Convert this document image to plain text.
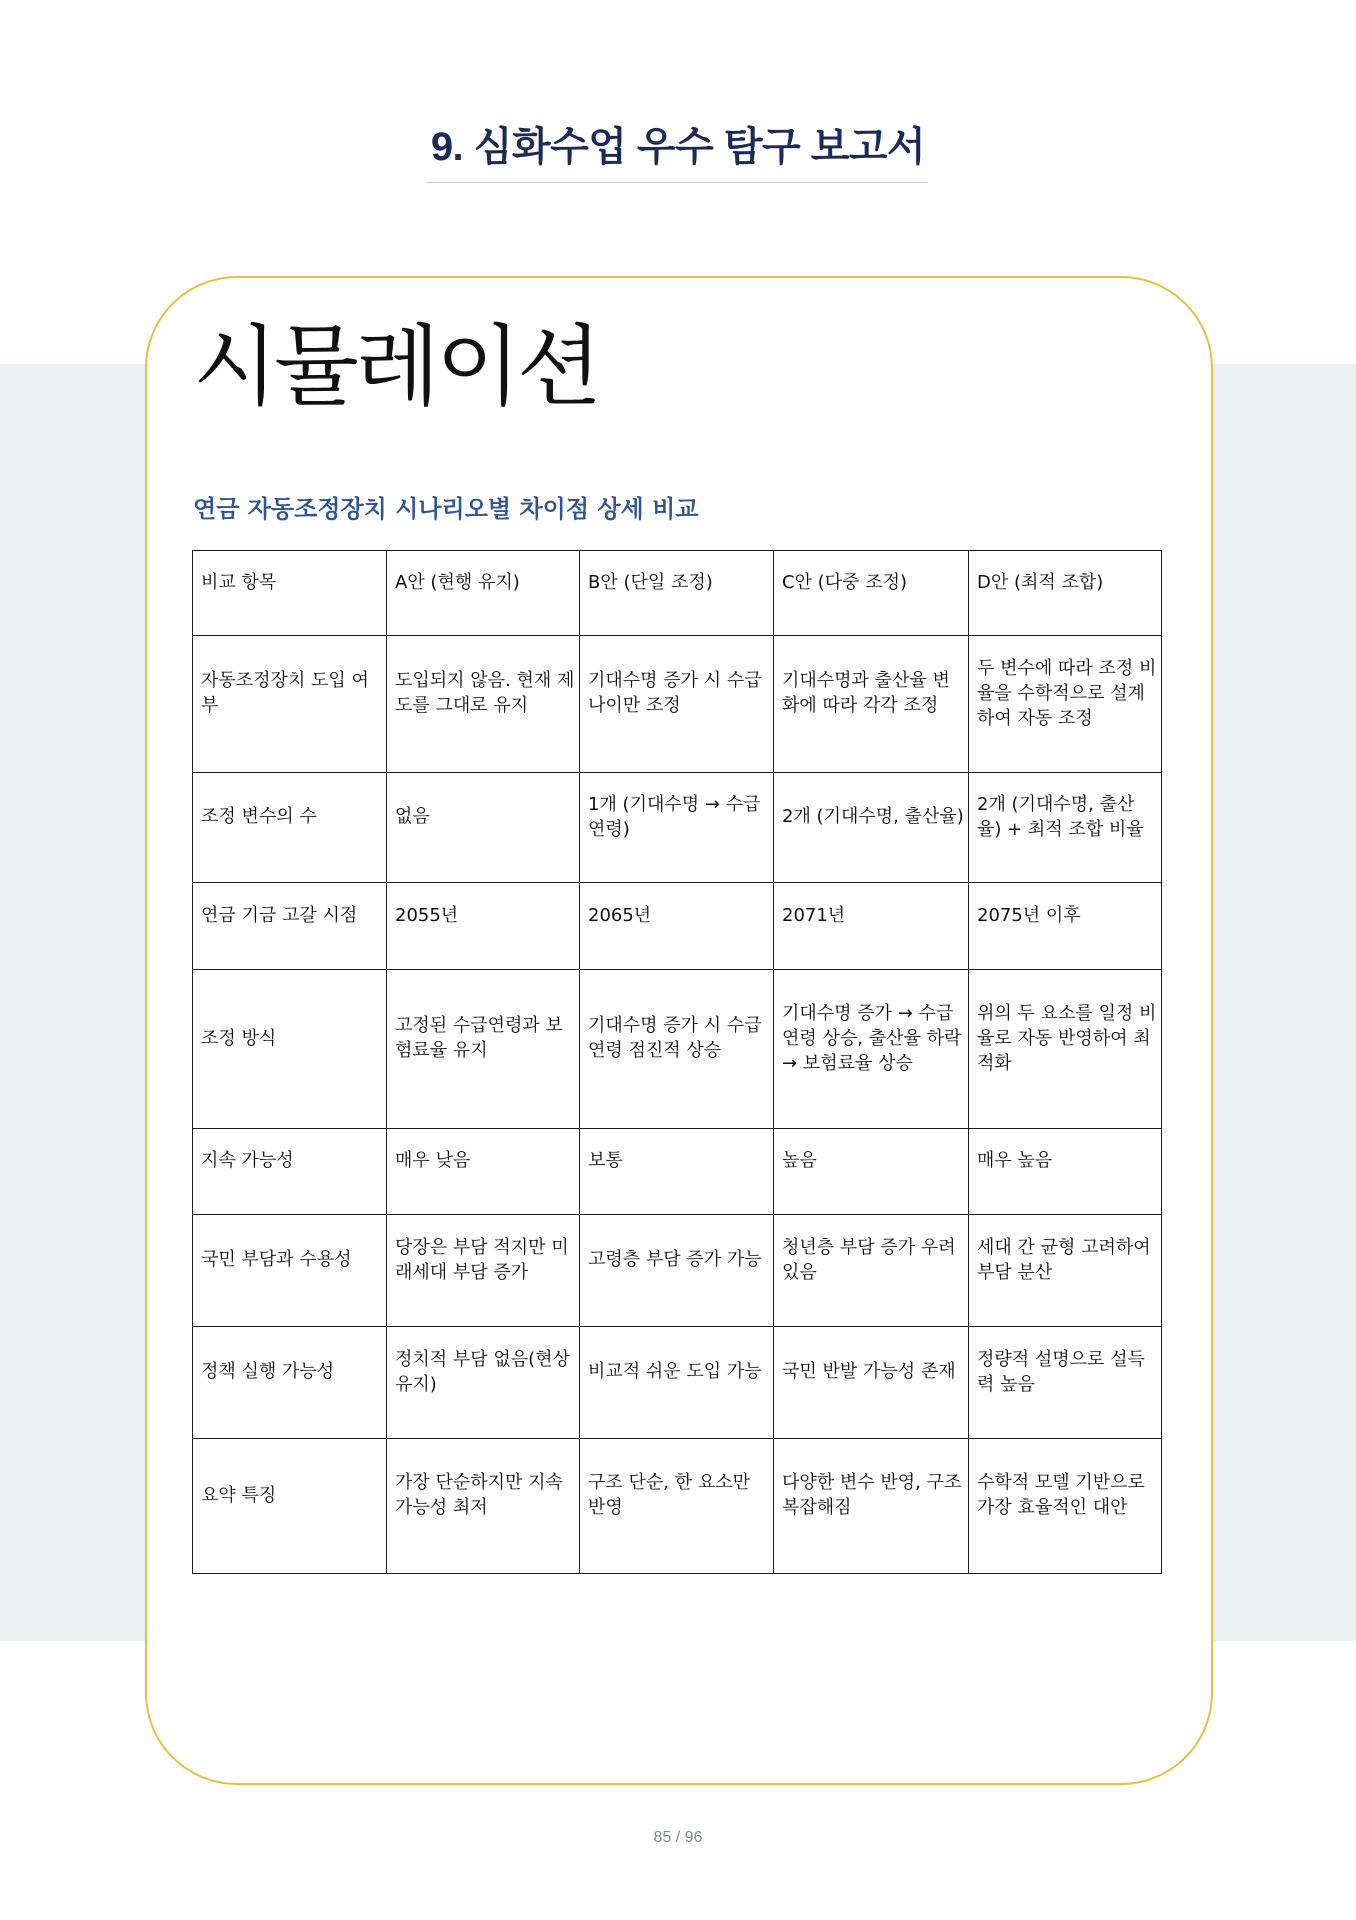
9. 심화수업 우수 탐구 보고서
시뮬레이션
연금 자동조정장치 시나리오별 차이점 상세 비교
비교 항목	A안 (현행 유지)	B안 (단일 조정)	C안 (다중 조정)	D안 (최적 조합)
자동조정장치 도입 여부	도입되지 않음. 현재 제도를 그대로 유지	기대수명 증가 시 수급 나이만 조정	기대수명과 출산율 변화에 따라 각각 조정	두 변수에 따라 조정 비율을 수학적으로 설계하여 자동 조정
조정 변수의 수	없음	1개 (기대수명 → 수급연령)	2개 (기대수명, 출산율)	2개 (기대수명, 출산율) + 최적 조합 비율
연금 기금 고갈 시점	2055년	2065년	2071년	2075년 이후
조정 방식	고정된 수급연령과 보험료율 유지	기대수명 증가 시 수급연령 점진적 상승	기대수명 증가 → 수급연령 상승, 출산율 하락 → 보험료율 상승	위의 두 요소를 일정 비율로 자동 반영하여 최적화
지속 가능성	매우 낮음	보통	높음	매우 높음
국민 부담과 수용성	당장은 부담 적지만 미래세대 부담 증가	고령층 부담 증가 가능	청년층 부담 증가 우려 있음	세대 간 균형 고려하여 부담 분산
정책 실행 가능성	정치적 부담 없음(현상유지)	비교적 쉬운 도입 가능	국민 반발 가능성 존재	정량적 설명으로 설득력 높음
요약 특징	가장 단순하지만 지속 가능성 최저	구조 단순, 한 요소만 반영	다양한 변수 반영, 구조 복잡해짐	수학적 모델 기반으로 가장 효율적인 대안
85 / 96
